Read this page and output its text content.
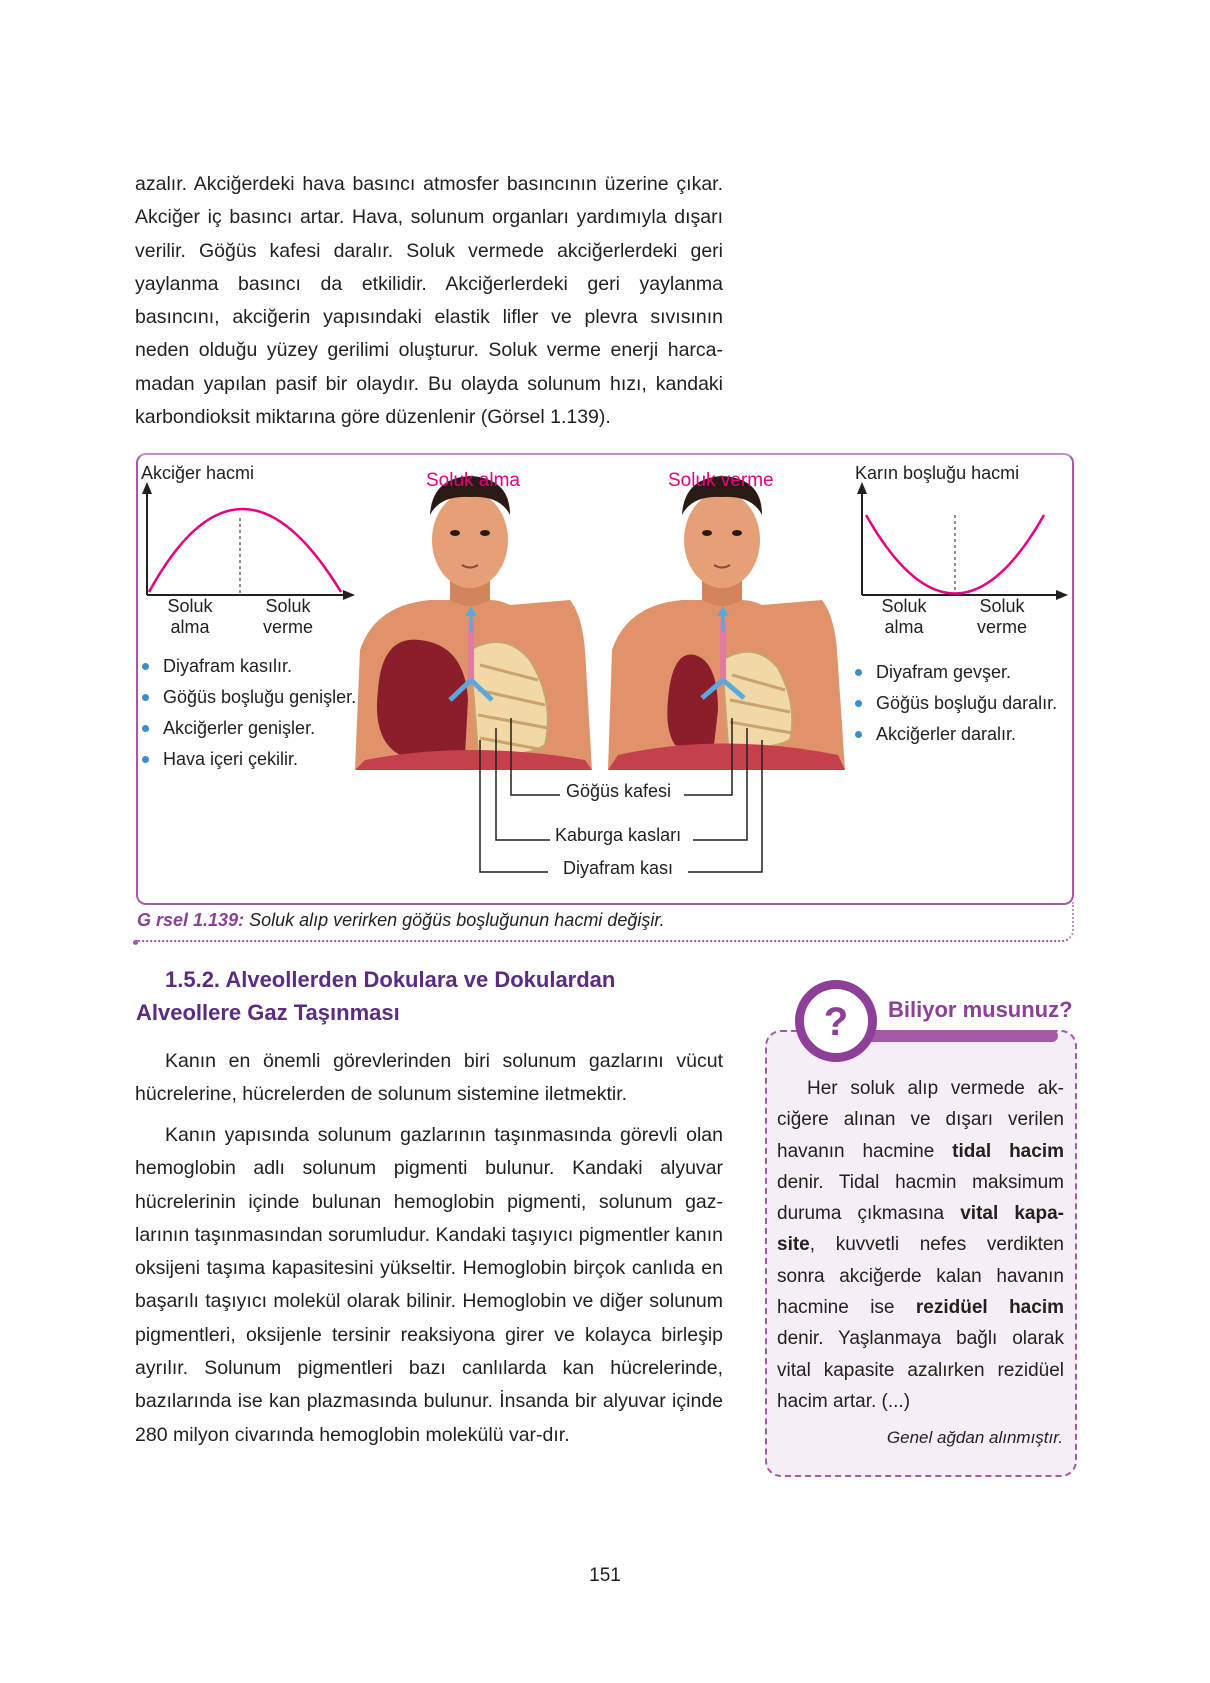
azalır. Akciğerdeki hava basıncı atmosfer basıncının üzerine çıkar. Akciğer iç basıncı artar. Hava, solunum organları yardımıyla dışarı verilir. Göğüs kafesi daralır. Soluk vermede akciğerlerdeki geri yaylanma basıncı da etkilidir. Akciğerlerdeki geri yaylanma basıncını, akciğerin yapısındaki elastik lifler ve plevra sıvısının neden olduğu yüzey gerilimi oluşturur. Soluk verme enerji harca-madan yapılan pasif bir olaydır. Bu olayda solunum hızı, kandaki karbondioksit miktarına göre düzenlenir (Görsel 1.139).

Akciğer hacmi
Soluk
alma
Soluk
verme
Karın boşluğu hacmi
Soluk
alma
Soluk
verme
Soluk alma	Soluk verme
Diyafram kasılır.
Göğüs boşluğu genişler.
Akciğerler genişler.
Hava içeri çekilir.
Diyafram gevşer.
Göğüs boşluğu daralır.
Akciğerler daralır.
Göğüs kafesi
Kaburga kasları
Diyafram kası
G rsel 1.139: Soluk alıp verirken göğüs boşluğunun hacmi değişir.
1.5.2. Alveollerden Dokulara ve Dokulardan
Alveollere Gaz Taşınması

Kanın en önemli görevlerinden biri solunum gazlarını vücut hücrelerine, hücrelerden de solunum sistemine iletmektir.

Kanın yapısında solunum gazlarının taşınmasında görevli olan hemoglobin adlı solunum pigmenti bulunur. Kandaki alyuvar hücrelerinin içinde bulunan hemoglobin pigmenti, solunum gaz-larının taşınmasından sorumludur. Kandaki taşıyıcı pigmentler kanın oksijeni taşıma kapasitesini yükseltir. Hemoglobin birçok canlıda en başarılı taşıyıcı molekül olarak bilinir. Hemoglobin ve diğer solunum pigmentleri, oksijenle tersinir reaksiyona girer ve kolayca birleşip ayrılır. Solunum pigmentleri bazı canlılarda kan hücrelerinde, bazılarında ise kan plazmasında bulunur. İnsanda bir alyuvar içinde 280 milyon civarında hemoglobin molekülü var-dır.

Biliyor musunuz?
?

Her soluk alıp vermede ak-ciğere alınan ve dışarı verilen havanın hacmine tidal hacim denir. Tidal hacmin maksimum duruma çıkmasına vital kapa-site, kuvvetli nefes verdikten sonra akciğerde kalan havanın hacmine ise rezidüel hacim denir. Yaşlanmaya bağlı olarak vital kapasite azalırken rezidüel hacim artar. (...)

Genel ağdan alınmıştır.
151
